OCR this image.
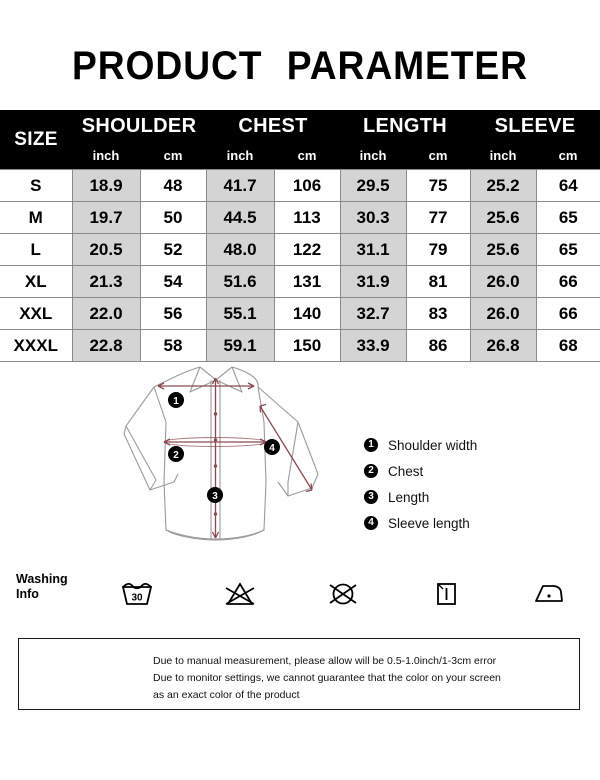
PRODUCT PARAMETER
SIZE	SHOULDER		CHEST		LENGTH		SLEEVE	
	inch	cm	inch	cm	inch	cm	inch	cm
S	18.9	48	41.7	106	29.5	75	25.2	64
M	19.7	50	44.5	113	30.3	77	25.6	65
L	20.5	52	48.0	122	31.1	79	25.6	65
XL	21.3	54	51.6	131	31.9	81	26.0	66
XXL	22.0	56	55.1	140	32.7	83	26.0	66
XXXL	22.8	58	59.1	150	33.9	86	26.8	68
1
2
3
4	1	Shoulder width
2	Chest
3	Length
4	Sleeve length
Washing
Info	30
Due to manual measurement, please allow will be 0.5-1.0inch/1-3cm error
Due to monitor settings, we cannot guarantee that the color on your screen
as an exact color of the product
